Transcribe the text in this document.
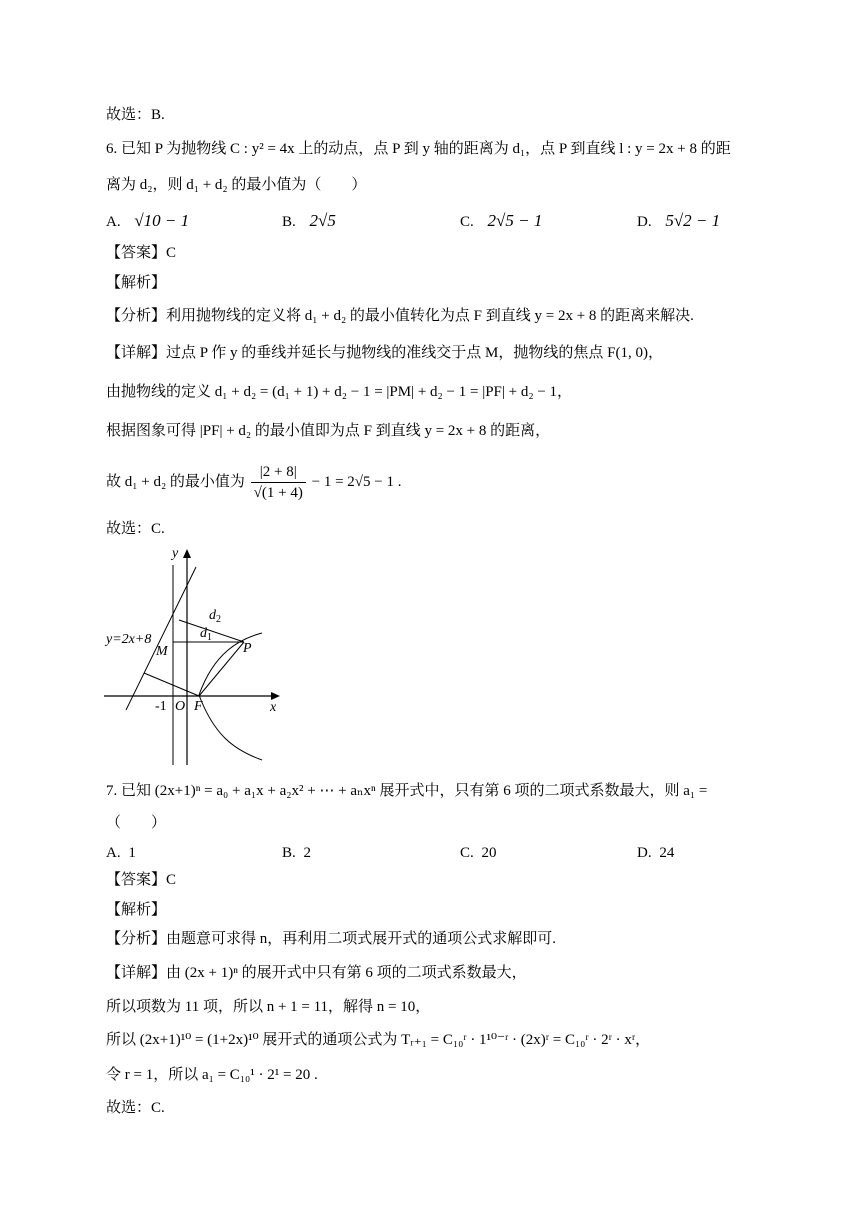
故选：B.
6. 已知 P 为抛物线 C : y² = 4x 上的动点，点 P 到 y 轴的距离为 d₁，点 P 到直线 l : y = 2x + 8 的距
离为 d₂，则 d₁ + d₂ 的最小值为（　　）
A. √10 − 1	B. 2√5	C. 2√5 − 1	D. 5√2 − 1
【答案】C
【解析】
【分析】利用抛物线的定义将 d₁ + d₂ 的最小值转化为点 F 到直线 y = 2x + 8 的距离来解决.
【详解】过点 P 作 y 的垂线并延长与抛物线的准线交于点 M，抛物线的焦点 F(1, 0)，
由抛物线的定义 d₁ + d₂ = (d₁ + 1) + d₂ − 1 = |PM| + d₂ − 1 = |PF| + d₂ − 1，
根据图象可得 |PF| + d₂ 的最小值即为点 F 到直线 y = 2x + 8 的距离，
故 d₁ + d₂ 的最小值为 $\frac{|2 + 8|}{√(1 + 4)} - 1 = 2√5 - 1$ .
故选：C.
y
x
y=2x+8
M	P
O F
-1
$d_1$
$d_2$
7. 已知 (2x+1)ⁿ = a₀ + a₁x + a₂x² + ⋯ + aₙxⁿ 展开式中，只有第 6 项的二项式系数最大，则 a₁ =
（　　）
A. 1	B. 2	C. 20	D. 24
【答案】C
【解析】
【分析】由题意可求得 n，再利用二项式展开式的通项公式求解即可.
【详解】由 (2x + 1)ⁿ 的展开式中只有第 6 项的二项式系数最大，
所以项数为 11 项，所以 n + 1 = 11，解得 n = 10，
所以 (2x+1)¹⁰ = (1+2x)¹⁰ 展开式的通项公式为 Tᵣ₊₁ = C₁₀ʳ · 1¹⁰⁻ʳ · (2x)ʳ = C₁₀ʳ · 2ʳ · xʳ，
令 r = 1，所以 a₁ = C₁₀¹ · 2¹ = 20 .
故选：C.
